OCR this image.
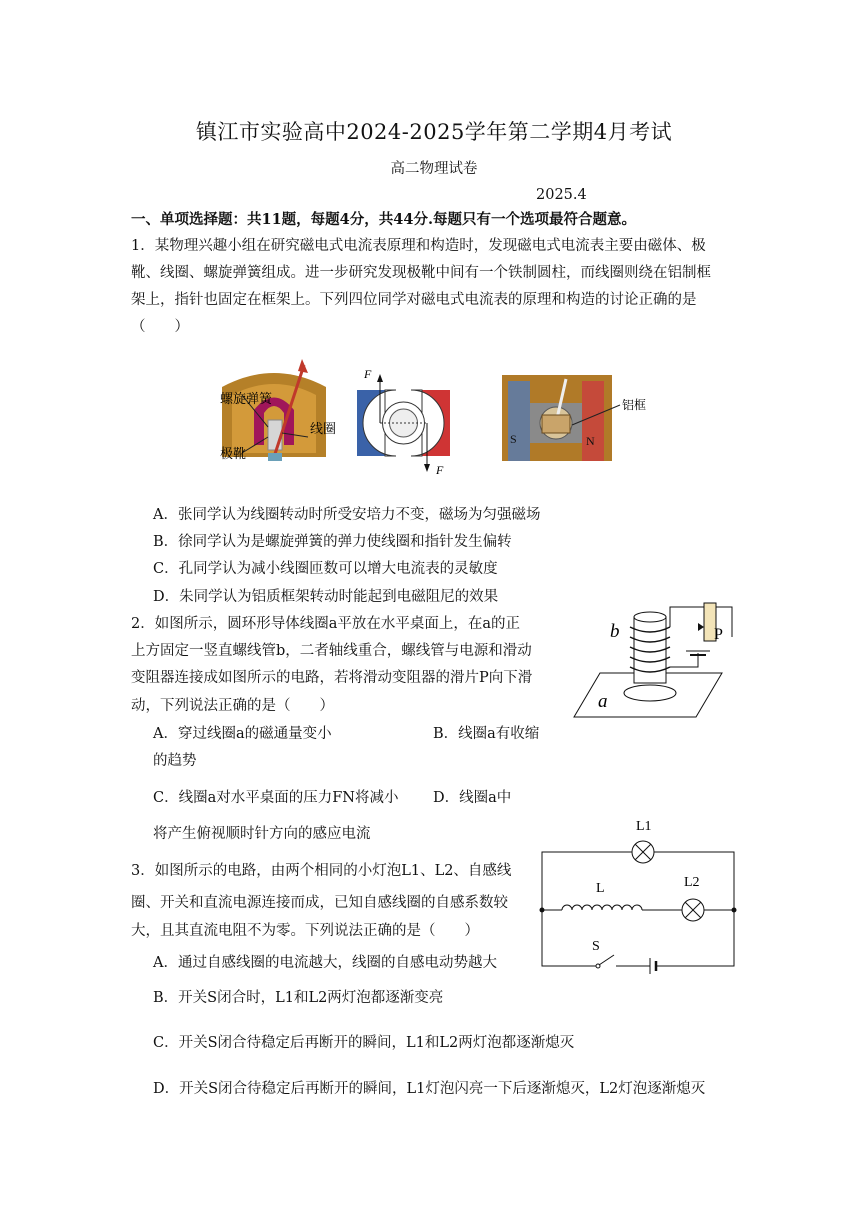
镇江市实验高中2024-2025学年第二学期4月考试
高二物理试卷
2025.4
一、单项选择题：共11题，每题4分，共44分.每题只有一个选项最符合题意。
1．某物理兴趣小组在研究磁电式电流表原理和构造时，发现磁电式电流表主要由磁体、极
靴、线圈、螺旋弹簧组成。进一步研究发现极靴中间有一个铁制圆柱，而线圈则绕在铝制框
架上，指针也固定在框架上。下列四位同学对磁电式电流表的原理和构造的讨论正确的是
（　　）
螺旋弹簧
极靴
线圈
F
F
S	N
铝框
A．张同学认为线圈转动时所受安培力不变，磁场为匀强磁场
B．徐同学认为是螺旋弹簧的弹力使线圈和指针发生偏转
C．孔同学认为减小线圈匝数可以增大电流表的灵敏度
D．朱同学认为铝质框架转动时能起到电磁阻尼的效果
2．如图所示，圆环形导体线圈a平放在水平桌面上，在a的正
上方固定一竖直螺线管b，二者轴线重合，螺线管与电源和滑动
变阻器连接成如图所示的电路，若将滑动变阻器的滑片P向下滑
动，下列说法正确的是（　　）
A．穿过线圈a的磁通量变小	B．线圈a有收缩
的趋势
C．线圈a对水平桌面的压力FN将减小 D．线圈a中
将产生俯视顺时针方向的感应电流
b	P
a
3．如图所示的电路，由两个相同的小灯泡L1、L2、自感线
圈、开关和直流电源连接而成，已知自感线圈的自感系数较
大，且其直流电阻不为零。下列说法正确的是（　　）
A．通过自感线圈的电流越大，线圈的自感电动势越大
B．开关S闭合时，L1和L2两灯泡都逐渐变亮
C．开关S闭合待稳定后再断开的瞬间，L1和L2两灯泡都逐渐熄灭
D．开关S闭合待稳定后再断开的瞬间，L1灯泡闪亮一下后逐渐熄灭，L2灯泡逐渐熄灭
L1
L2
L
S
